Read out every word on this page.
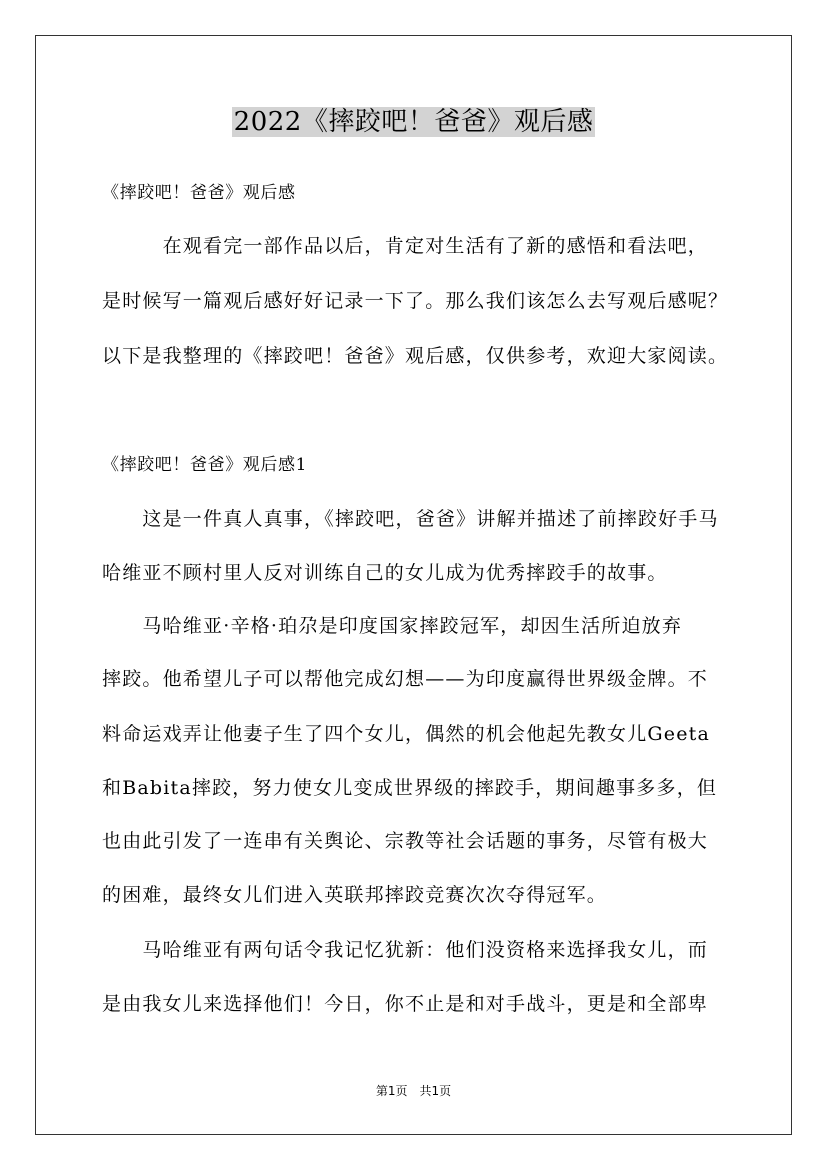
2022《摔跤吧！爸爸》观后感
《摔跤吧！爸爸》观后感
　　　在观看完一部作品以后，肯定对生活有了新的感悟和看法吧，
是时候写一篇观后感好好记录一下了。那么我们该怎么去写观后感呢？
以下是我整理的《摔跤吧！爸爸》观后感，仅供参考，欢迎大家阅读。
《摔跤吧！爸爸》观后感1
　　这是一件真人真事，《摔跤吧，爸爸》讲解并描述了前摔跤好手马
哈维亚不顾村里人反对训练自己的女儿成为优秀摔跤手的故事。
　　马哈维亚·辛格·珀尕是印度国家摔跤冠军，却因生活所迫放弃
摔跤。他希望儿子可以帮他完成幻想——为印度赢得世界级金牌。不
料命运戏弄让他妻子生了四个女儿，偶然的机会他起先教女儿Geeta
和Babita摔跤，努力使女儿变成世界级的摔跤手，期间趣事多多，但
也由此引发了一连串有关舆论、宗教等社会话题的事务，尽管有极大
的困难，最终女儿们进入英联邦摔跤竞赛次次夺得冠军。
　　马哈维亚有两句话令我记忆犹新：他们没资格来选择我女儿，而
是由我女儿来选择他们！今日，你不止是和对手战斗，更是和全部卑
第1页　共1页
